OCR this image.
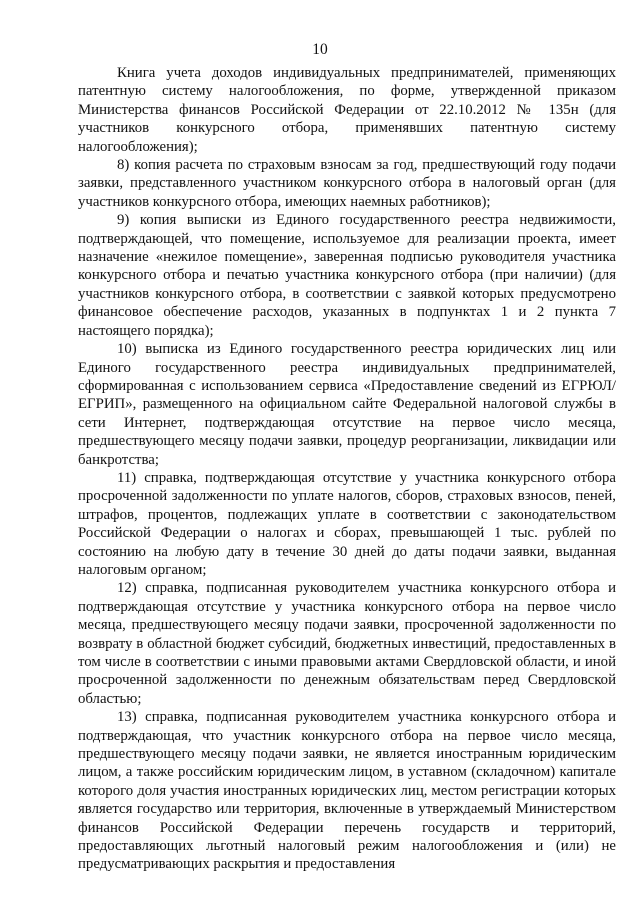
10

Книга учета доходов индивидуальных предпринимателей, применяющих патентную систему налогообложения, по форме, утвержденной приказом Министерства финансов Российской Федерации от 22.10.2012 № 135н (для участников конкурсного отбора, применявших патентную систему налогообложения);

8) копия расчета по страховым взносам за год, предшествующий году подачи заявки, представленного участником конкурсного отбора в налоговый орган (для участников конкурсного отбора, имеющих наемных работников);

9) копия выписки из Единого государственного реестра недвижимости, подтверждающей, что помещение, используемое для реализации проекта, имеет назначение «нежилое помещение», заверенная подписью руководителя участника конкурсного отбора и печатью участника конкурсного отбора (при наличии) (для участников конкурсного отбора, в соответствии с заявкой которых предусмотрено финансовое обеспечение расходов, указанных в подпунктах 1 и 2 пункта 7 настоящего порядка);

10) выписка из Единого государственного реестра юридических лиц или Единого государственного реестра индивидуальных предпринимателей, сформированная с использованием сервиса «Предоставление сведений из ЕГРЮЛ/ЕГРИП», размещенного на официальном сайте Федеральной налоговой службы в сети Интернет, подтверждающая отсутствие на первое число месяца, предшествующего месяцу подачи заявки, процедур реорганизации, ликвидации или банкротства;

11) справка, подтверждающая отсутствие у участника конкурсного отбора просроченной задолженности по уплате налогов, сборов, страховых взносов, пеней, штрафов, процентов, подлежащих уплате в соответствии с законодательством Российской Федерации о налогах и сборах, превышающей 1 тыс. рублей по состоянию на любую дату в течение 30 дней до даты подачи заявки, выданная налоговым органом;

12) справка, подписанная руководителем участника конкурсного отбора и подтверждающая отсутствие у участника конкурсного отбора на первое число месяца, предшествующего месяцу подачи заявки, просроченной задолженности по возврату в областной бюджет субсидий, бюджетных инвестиций, предоставленных в том числе в соответствии с иными правовыми актами Свердловской области, и иной просроченной задолженности по денежным обязательствам перед Свердловской областью;

13) справка, подписанная руководителем участника конкурсного отбора и подтверждающая, что участник конкурсного отбора на первое число месяца, предшествующего месяцу подачи заявки, не является иностранным юридическим лицом, а также российским юридическим лицом, в уставном (складочном) капитале которого доля участия иностранных юридических лиц, местом регистрации которых является государство или территория, включенные в утверждаемый Министерством финансов Российской Федерации перечень государств и территорий, предоставляющих льготный налоговый режим налогообложения и (или) не предусматривающих раскрытия и предоставления
